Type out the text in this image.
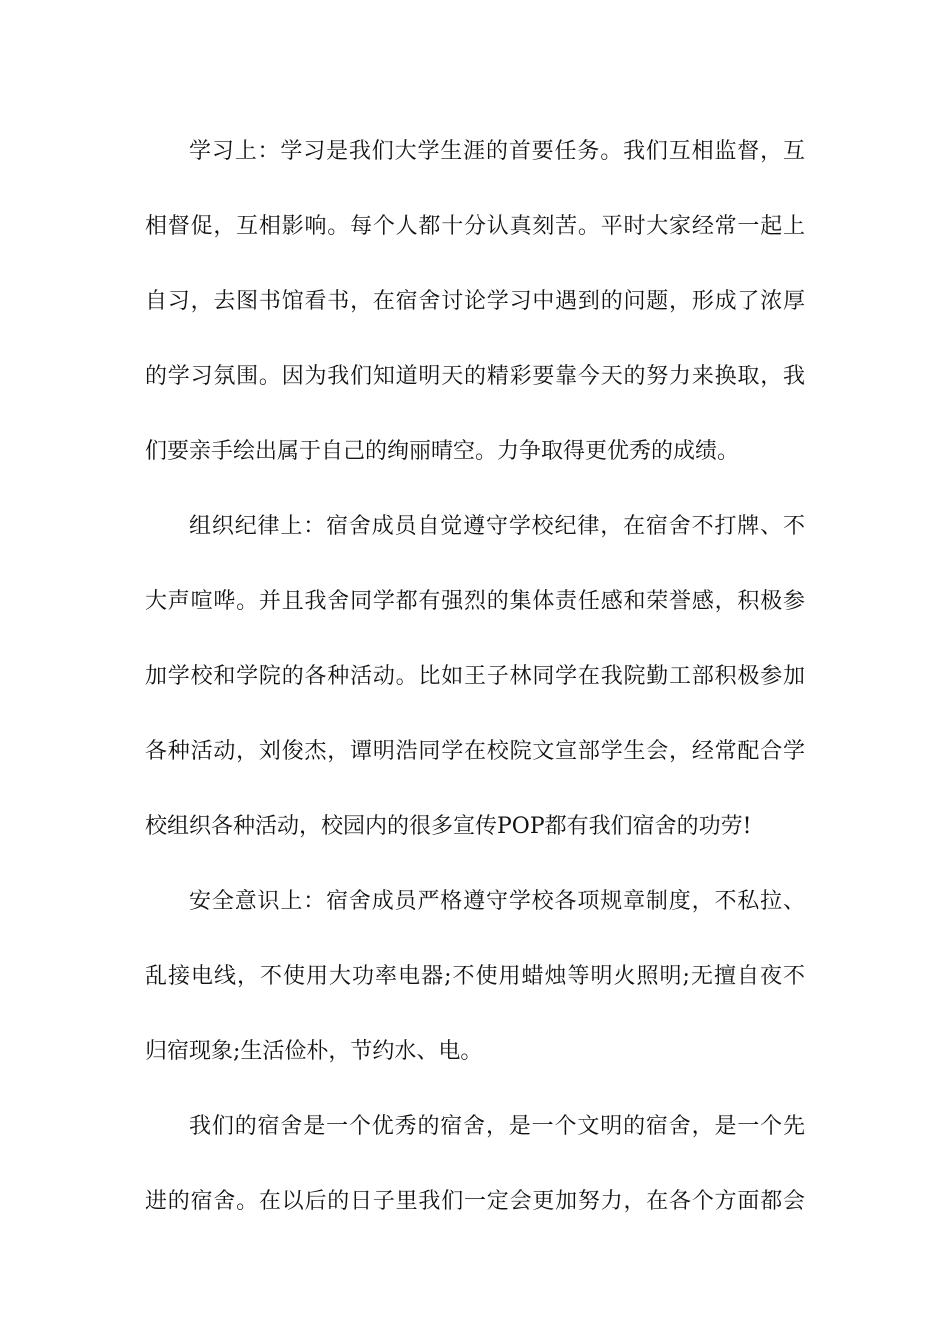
学习上：学习是我们大学生涯的首要任务。我们互相监督，互
相督促，互相影响。每个人都十分认真刻苦。平时大家经常一起上
自习，去图书馆看书，在宿舍讨论学习中遇到的问题，形成了浓厚
的学习氛围。因为我们知道明天的精彩要靠今天的努力来换取，我
们要亲手绘出属于自己的绚丽晴空。力争取得更优秀的成绩。
组织纪律上：宿舍成员自觉遵守学校纪律，在宿舍不打牌、不
大声喧哗。并且我舍同学都有强烈的集体责任感和荣誉感，积极参
加学校和学院的各种活动。比如王子林同学在我院勤工部积极参加
各种活动，刘俊杰，谭明浩同学在校院文宣部学生会，经常配合学
校组织各种活动，校园内的很多宣传POP都有我们宿舍的功劳!
安全意识上：宿舍成员严格遵守学校各项规章制度，不私拉、
乱接电线，不使用大功率电器;不使用蜡烛等明火照明;无擅自夜不
归宿现象;生活俭朴，节约水、电。
我们的宿舍是一个优秀的宿舍，是一个文明的宿舍，是一个先
进的宿舍。在以后的日子里我们一定会更加努力，在各个方面都会
